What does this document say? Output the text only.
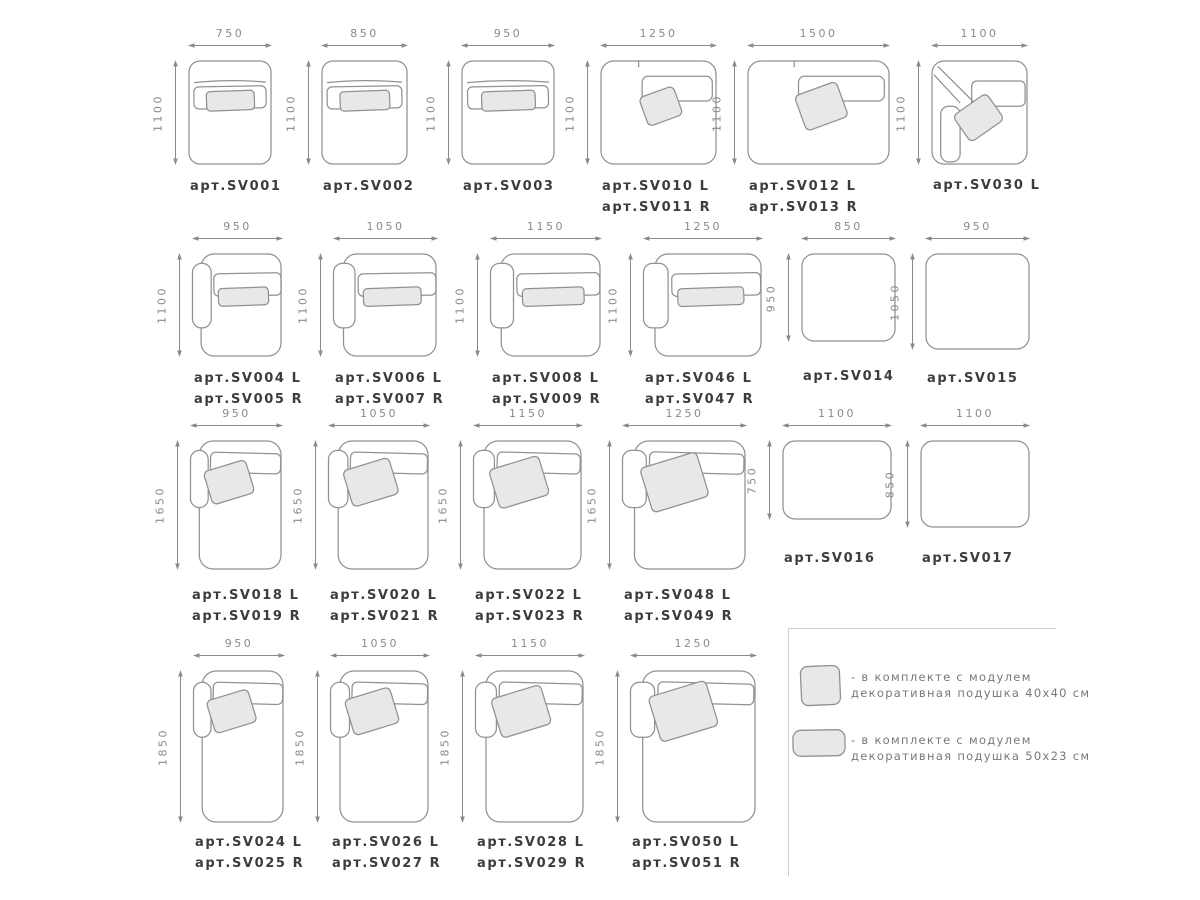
750
1100
арт.SV001
850
1100
арт.SV002
950
1100
арт.SV003
1250
1100
арт.SV010 L
арт.SV011 R
1500
1100
арт.SV012 L
арт.SV013 R
1100
1100
арт.SV030 L
950
1100
арт.SV004 L
арт.SV005 R
1050
1100
арт.SV006 L
арт.SV007 R
1150
1100
арт.SV008 L
арт.SV009 R
1250
1100
арт.SV046 L
арт.SV047 R
850
950
арт.SV014
950
1050
арт.SV015
950
1650
арт.SV018 L
арт.SV019 R
1050
1650
арт.SV020 L
арт.SV021 R
1150
1650
арт.SV022 L
арт.SV023 R
1250
1650
арт.SV048 L
арт.SV049 R
1100
750
арт.SV016
1100
850
арт.SV017
950
1850
арт.SV024 L
арт.SV025 R
1050
1850
арт.SV026 L
арт.SV027 R
1150
1850
арт.SV028 L
арт.SV029 R
1250
1850
арт.SV050 L
арт.SV051 R
- в комплекте с модулем
декоративная подушка 40х40 см
- в комплекте с модулем
декоративная подушка 50х23 см
